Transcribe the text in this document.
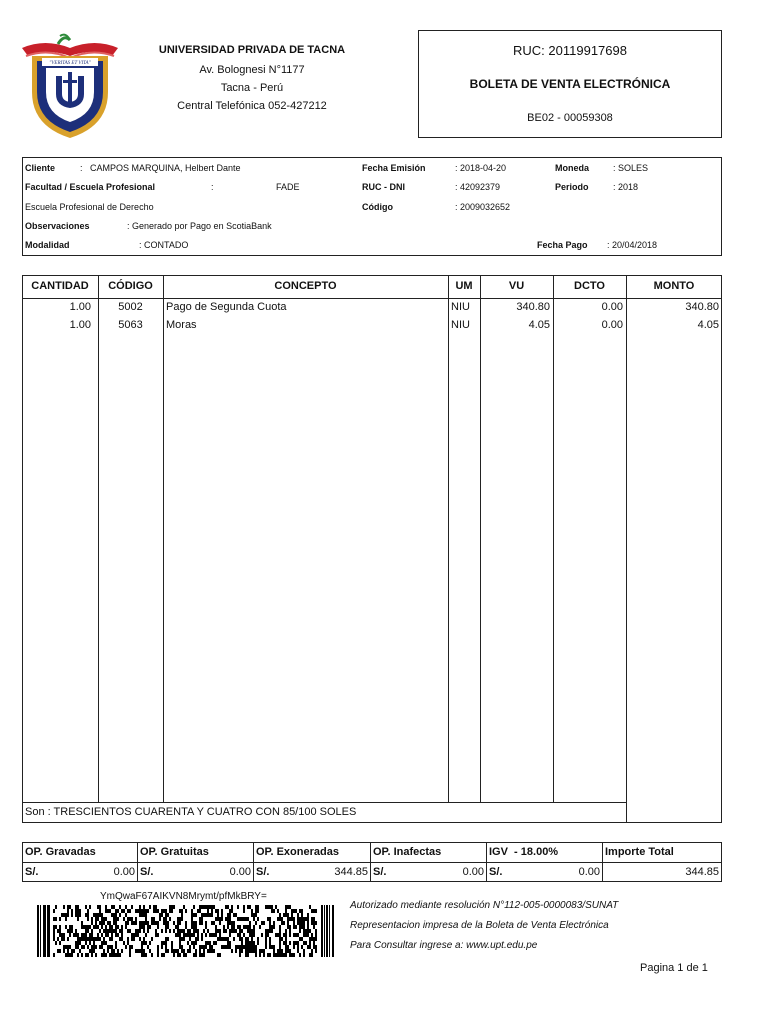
"VERITAS ET VITA"
UNIVERSIDAD PRIVADA DE TACNA
Av. Bolognesi N°1177
Tacna - Perú
Central Telefónica 052-427212
RUC: 20119917698
BOLETA DE VENTA ELECTRÓNICA
BE02 - 00059308
Cliente	: CAMPOS MARQUINA, Helbert Dante	Fecha Emisión	: 2018-04-20	Moneda	: SOLES
Facultad / Escuela Profesional	:	FADE	RUC - DNI	: 42092379	Periodo	: 2018
Escuela Profesional de Derecho	Código	: 2009032652
Observaciones	: Generado por Pago en ScotiaBank
Modalidad	: CONTADO	Fecha Pago : 20/04/2018
CANTIDAD	CÓDIGO	CONCEPTO	UM	VU	DCTO	MONTO
1.00	5002	Pago de Segunda Cuota	NIU	340.80	0.00	340.80
1.00	5063	Moras	NIU	4.05	0.00	4.05
Son : TRESCIENTOS CUARENTA Y CUATRO CON 85/100 SOLES
OP. Gravadas	OP. Gratuitas	OP. Exoneradas	OP. Inafectas	IGV  - 18.00%	Importe Total
S/.	0.00 S/.	0.00 S/.	344.85 S/.	0.00 S/.	0.00	344.85
YmQwaF67AIKVN8Mrymt/pfMkBRY=
Autorizado mediante resolución N°112-005-0000083/SUNAT
Representacion impresa de la Boleta de Venta Electrónica
Para Consultar ingrese a: www.upt.edu.pe
Pagina 1 de 1
